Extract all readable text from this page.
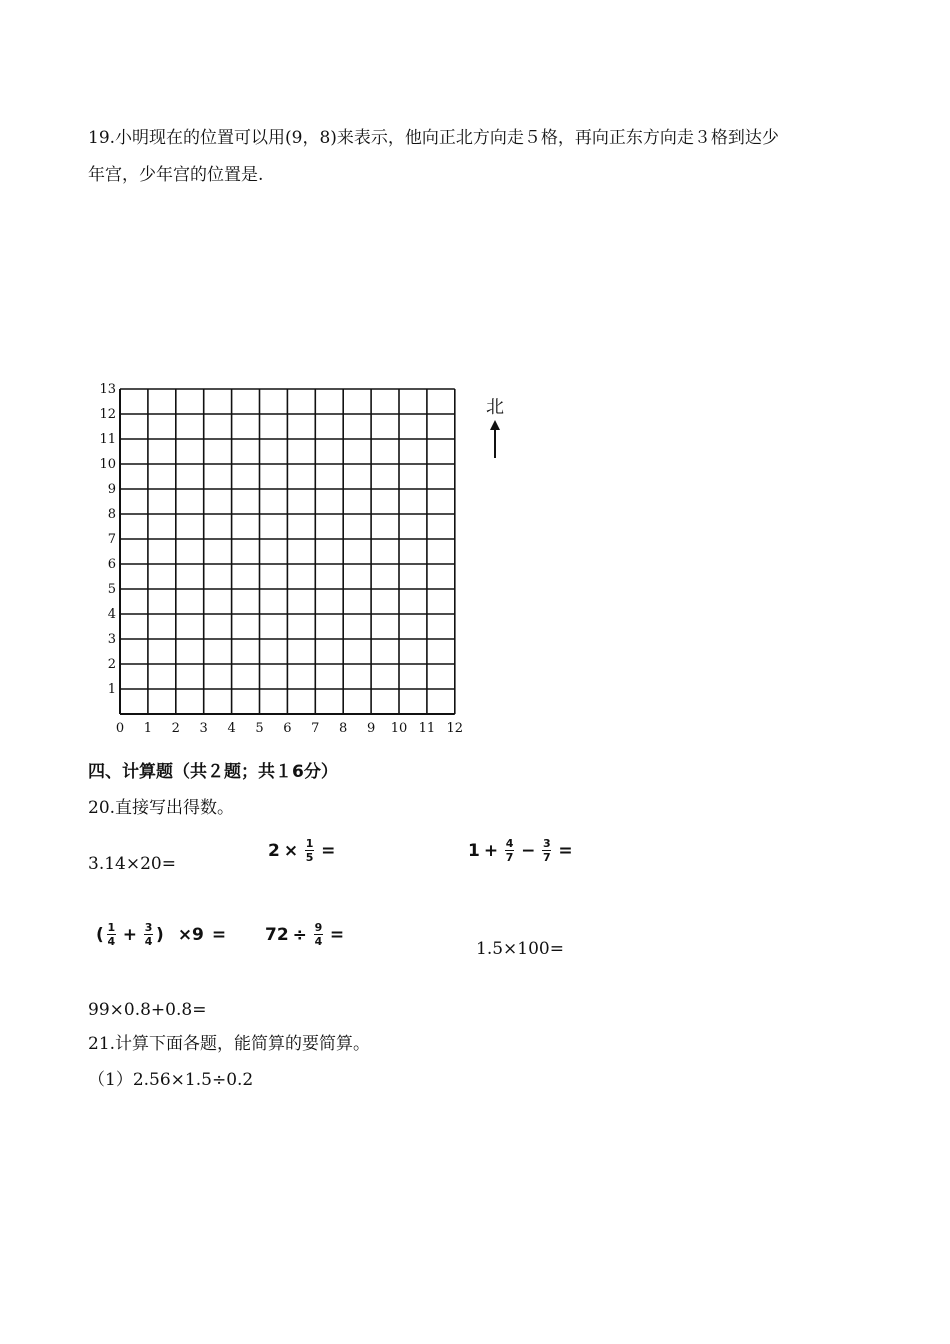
19.小明现在的位置可以用(9，8)来表示，他向正北方向走５格，再向正东方向走３格到达少
年宫，少年宫的位置是.
0 1 2 3 4 5 6 7 8 9 10 11 12
1
2
3
4
5
6
7
8
9
10
11
12
13
北
四、计算题（共２题；共１6分）
20.直接写出得数。
3.14×20=
$2 \times \frac{1}{5}$ =	$1 + \frac{4}{7} - \frac{3}{7}$ =
( $\frac{1}{4} + \frac{3}{4}$ ) $\times 9 = 72 \div \frac{9}{4}$ =
1.5×100=
99×0.8+0.8=
21.计算下面各题，能简算的要简算。
（1）2.56×1.5÷0.2
